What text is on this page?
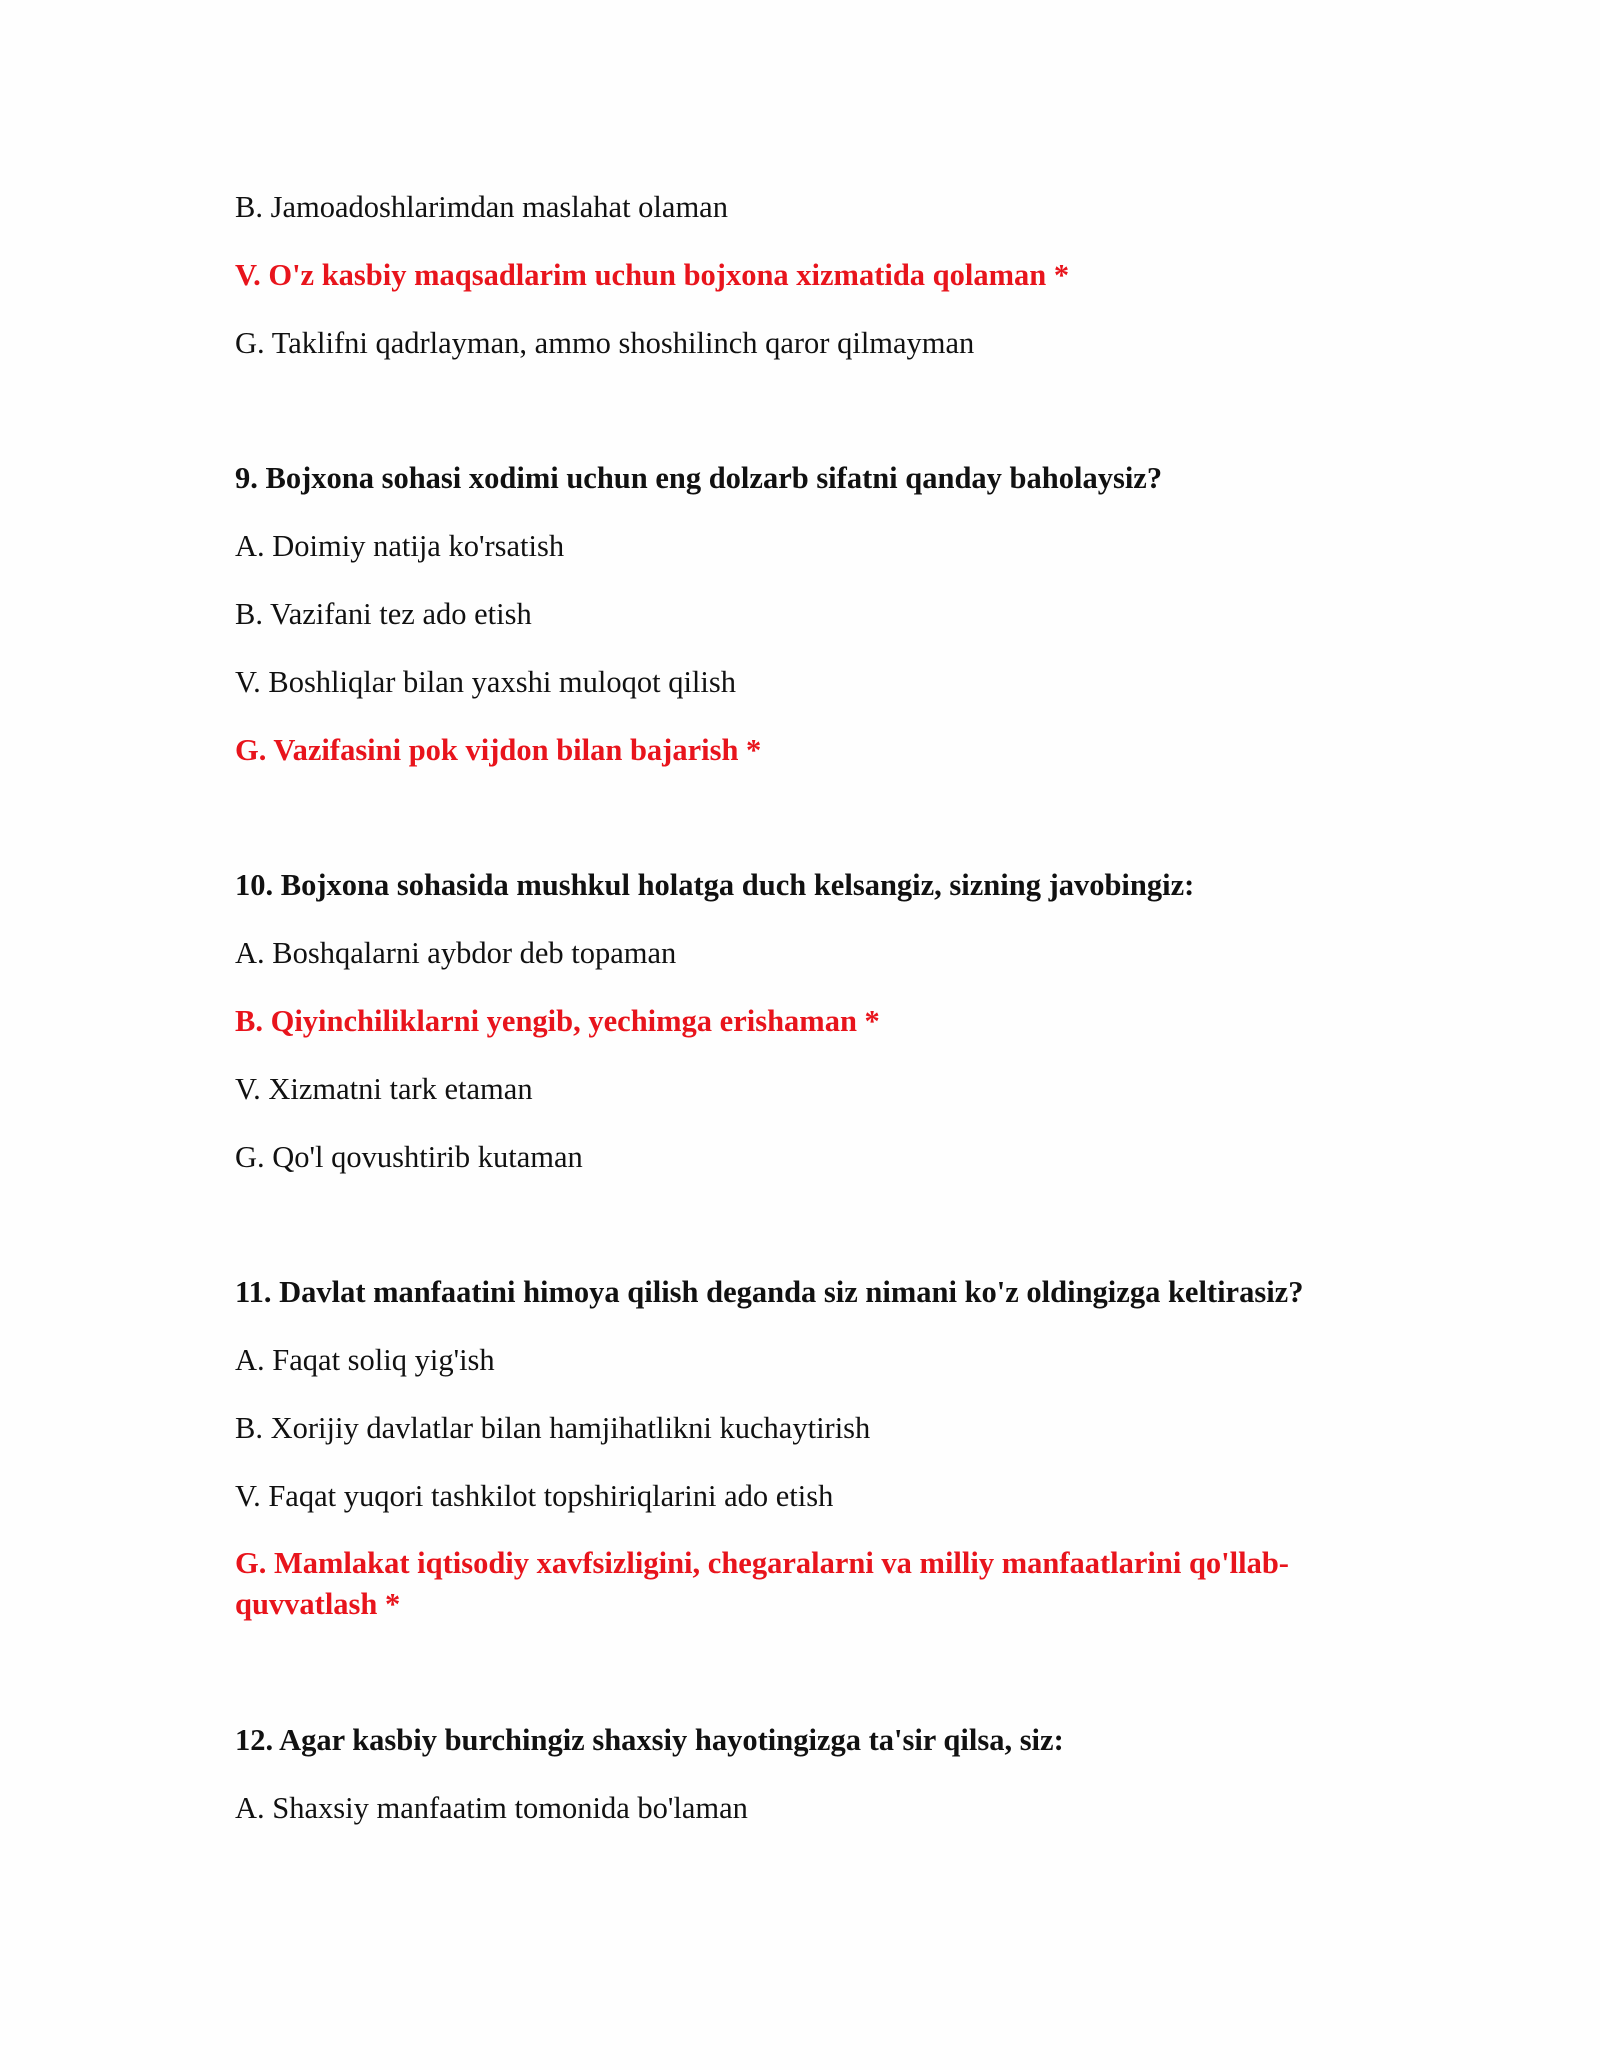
B. Jamoadoshlarimdan maslahat olaman

V. O'z kasbiy maqsadlarim uchun bojxona xizmatida qolaman *

G. Taklifni qadrlayman, ammo shoshilinch qaror qilmayman

9. Bojxona sohasi xodimi uchun eng dolzarb sifatni qanday baholaysiz?

A. Doimiy natija ko'rsatish

B. Vazifani tez ado etish

V. Boshliqlar bilan yaxshi muloqot qilish

G. Vazifasini pok vijdon bilan bajarish *

10. Bojxona sohasida mushkul holatga duch kelsangiz, sizning javobingiz:

A. Boshqalarni aybdor deb topaman

B. Qiyinchiliklarni yengib, yechimga erishaman *

V. Xizmatni tark etaman

G. Qo'l qovushtirib kutaman

11. Davlat manfaatini himoya qilish deganda siz nimani ko'z oldingizga keltirasiz?

A. Faqat soliq yig'ish

B. Xorijiy davlatlar bilan hamjihatlikni kuchaytirish

V. Faqat yuqori tashkilot topshiriqlarini ado etish

G. Mamlakat iqtisodiy xavfsizligini, chegaralarni va milliy manfaatlarini qo'llab-quvvatlash *

12. Agar kasbiy burchingiz shaxsiy hayotingizga ta'sir qilsa, siz:

A. Shaxsiy manfaatim tomonida bo'laman
